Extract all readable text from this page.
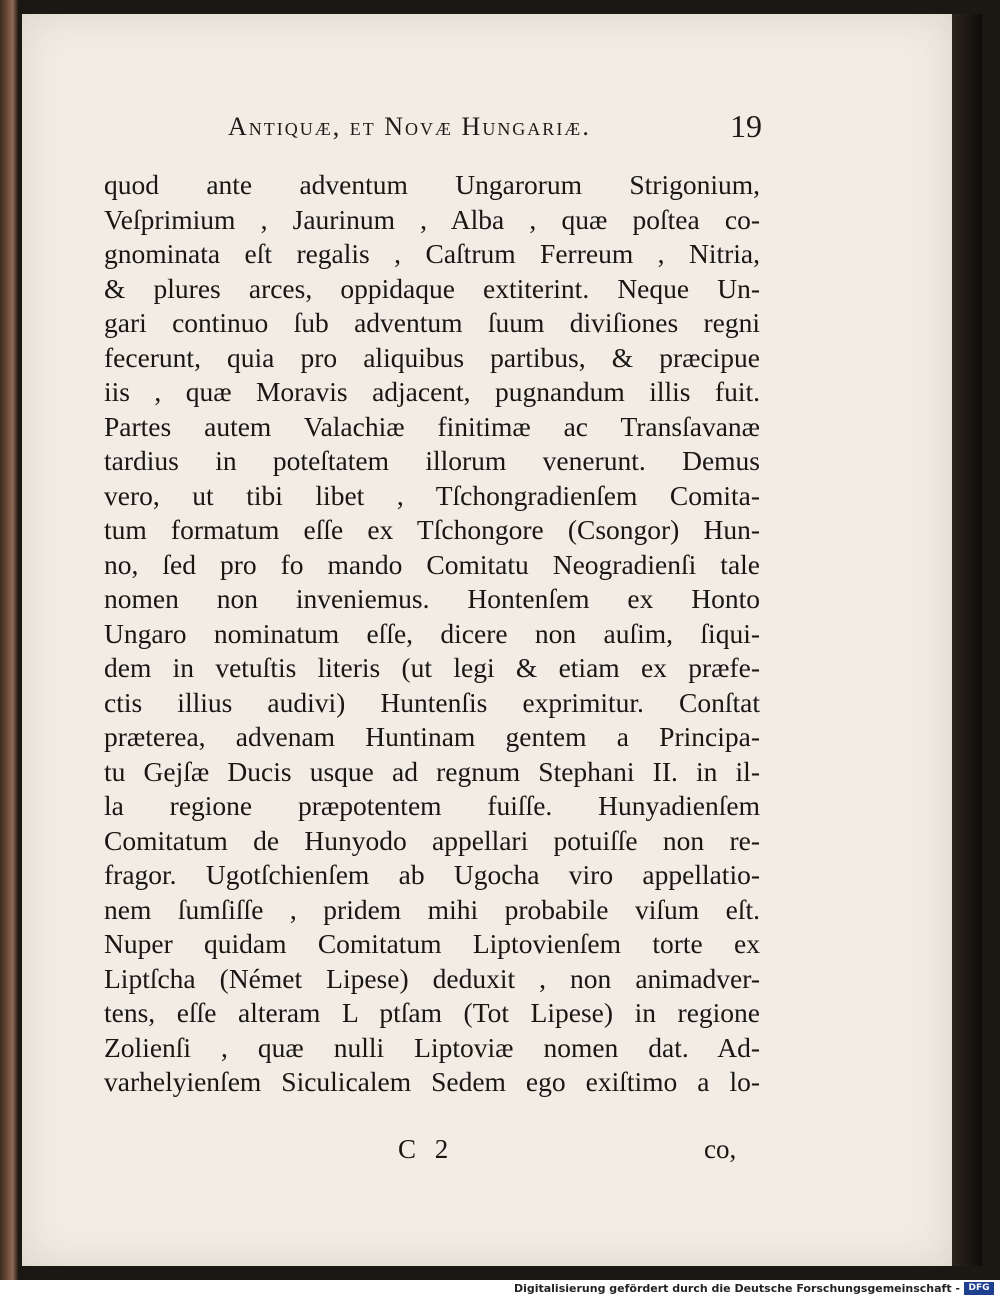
Antiquæ, et Novæ Hungariæ.	19
quod ante adventum Ungarorum Strigonium,
Veſprimium , Jaurinum , Alba , quæ poſtea co-
gnominata eſt regalis , Caſtrum Ferreum , Nitria,
& plures arces, oppidaque extiterint. Neque Un-
gari continuo ſub adventum ſuum diviſiones regni
fecerunt, quia pro aliquibus partibus, & præcipue
iis , quæ Moravis adjacent, pugnandum illis fuit.
Partes autem Valachiæ finitimæ ac Transſavanæ
tardius in poteſtatem illorum venerunt. Demus
vero, ut tibi libet , Tſchongradienſem Comita-
tum formatum eſſe ex Tſchongore (Csongor) Hun-
no, ſed pro fo mando Comitatu Neogradienſi tale
nomen non inveniemus. Hontenſem ex Honto
Ungaro nominatum eſſe, dicere non auſim, ſiqui-
dem in vetuſtis literis (ut legi & etiam ex præfe-
ctis illius audivi) Huntenſis exprimitur. Conſtat
præterea, advenam Huntinam gentem a Principa-
tu Gejſæ Ducis usque ad regnum Stephani II. in il-
la regione præpotentem fuiſſe. Hunyadienſem
Comitatum de Hunyodo appellari potuiſſe non re-
fragor. Ugotſchienſem ab Ugocha viro appellatio-
nem ſumſiſſe , pridem mihi probabile viſum eſt.
Nuper quidam Comitatum Liptovienſem torte ex
Liptſcha (Német Lipese) deduxit , non animadver-
tens, eſſe alteram L ptſam (Tot Lipese) in regione
Zolienſi , quæ nulli Liptoviæ nomen dat. Ad-
varhelyienſem Siculicalem Sedem ego exiſtimo a lo-
C 2	co,
Digitalisierung gefördert durch die Deutsche Forschungsgemeinschaft - DFG
